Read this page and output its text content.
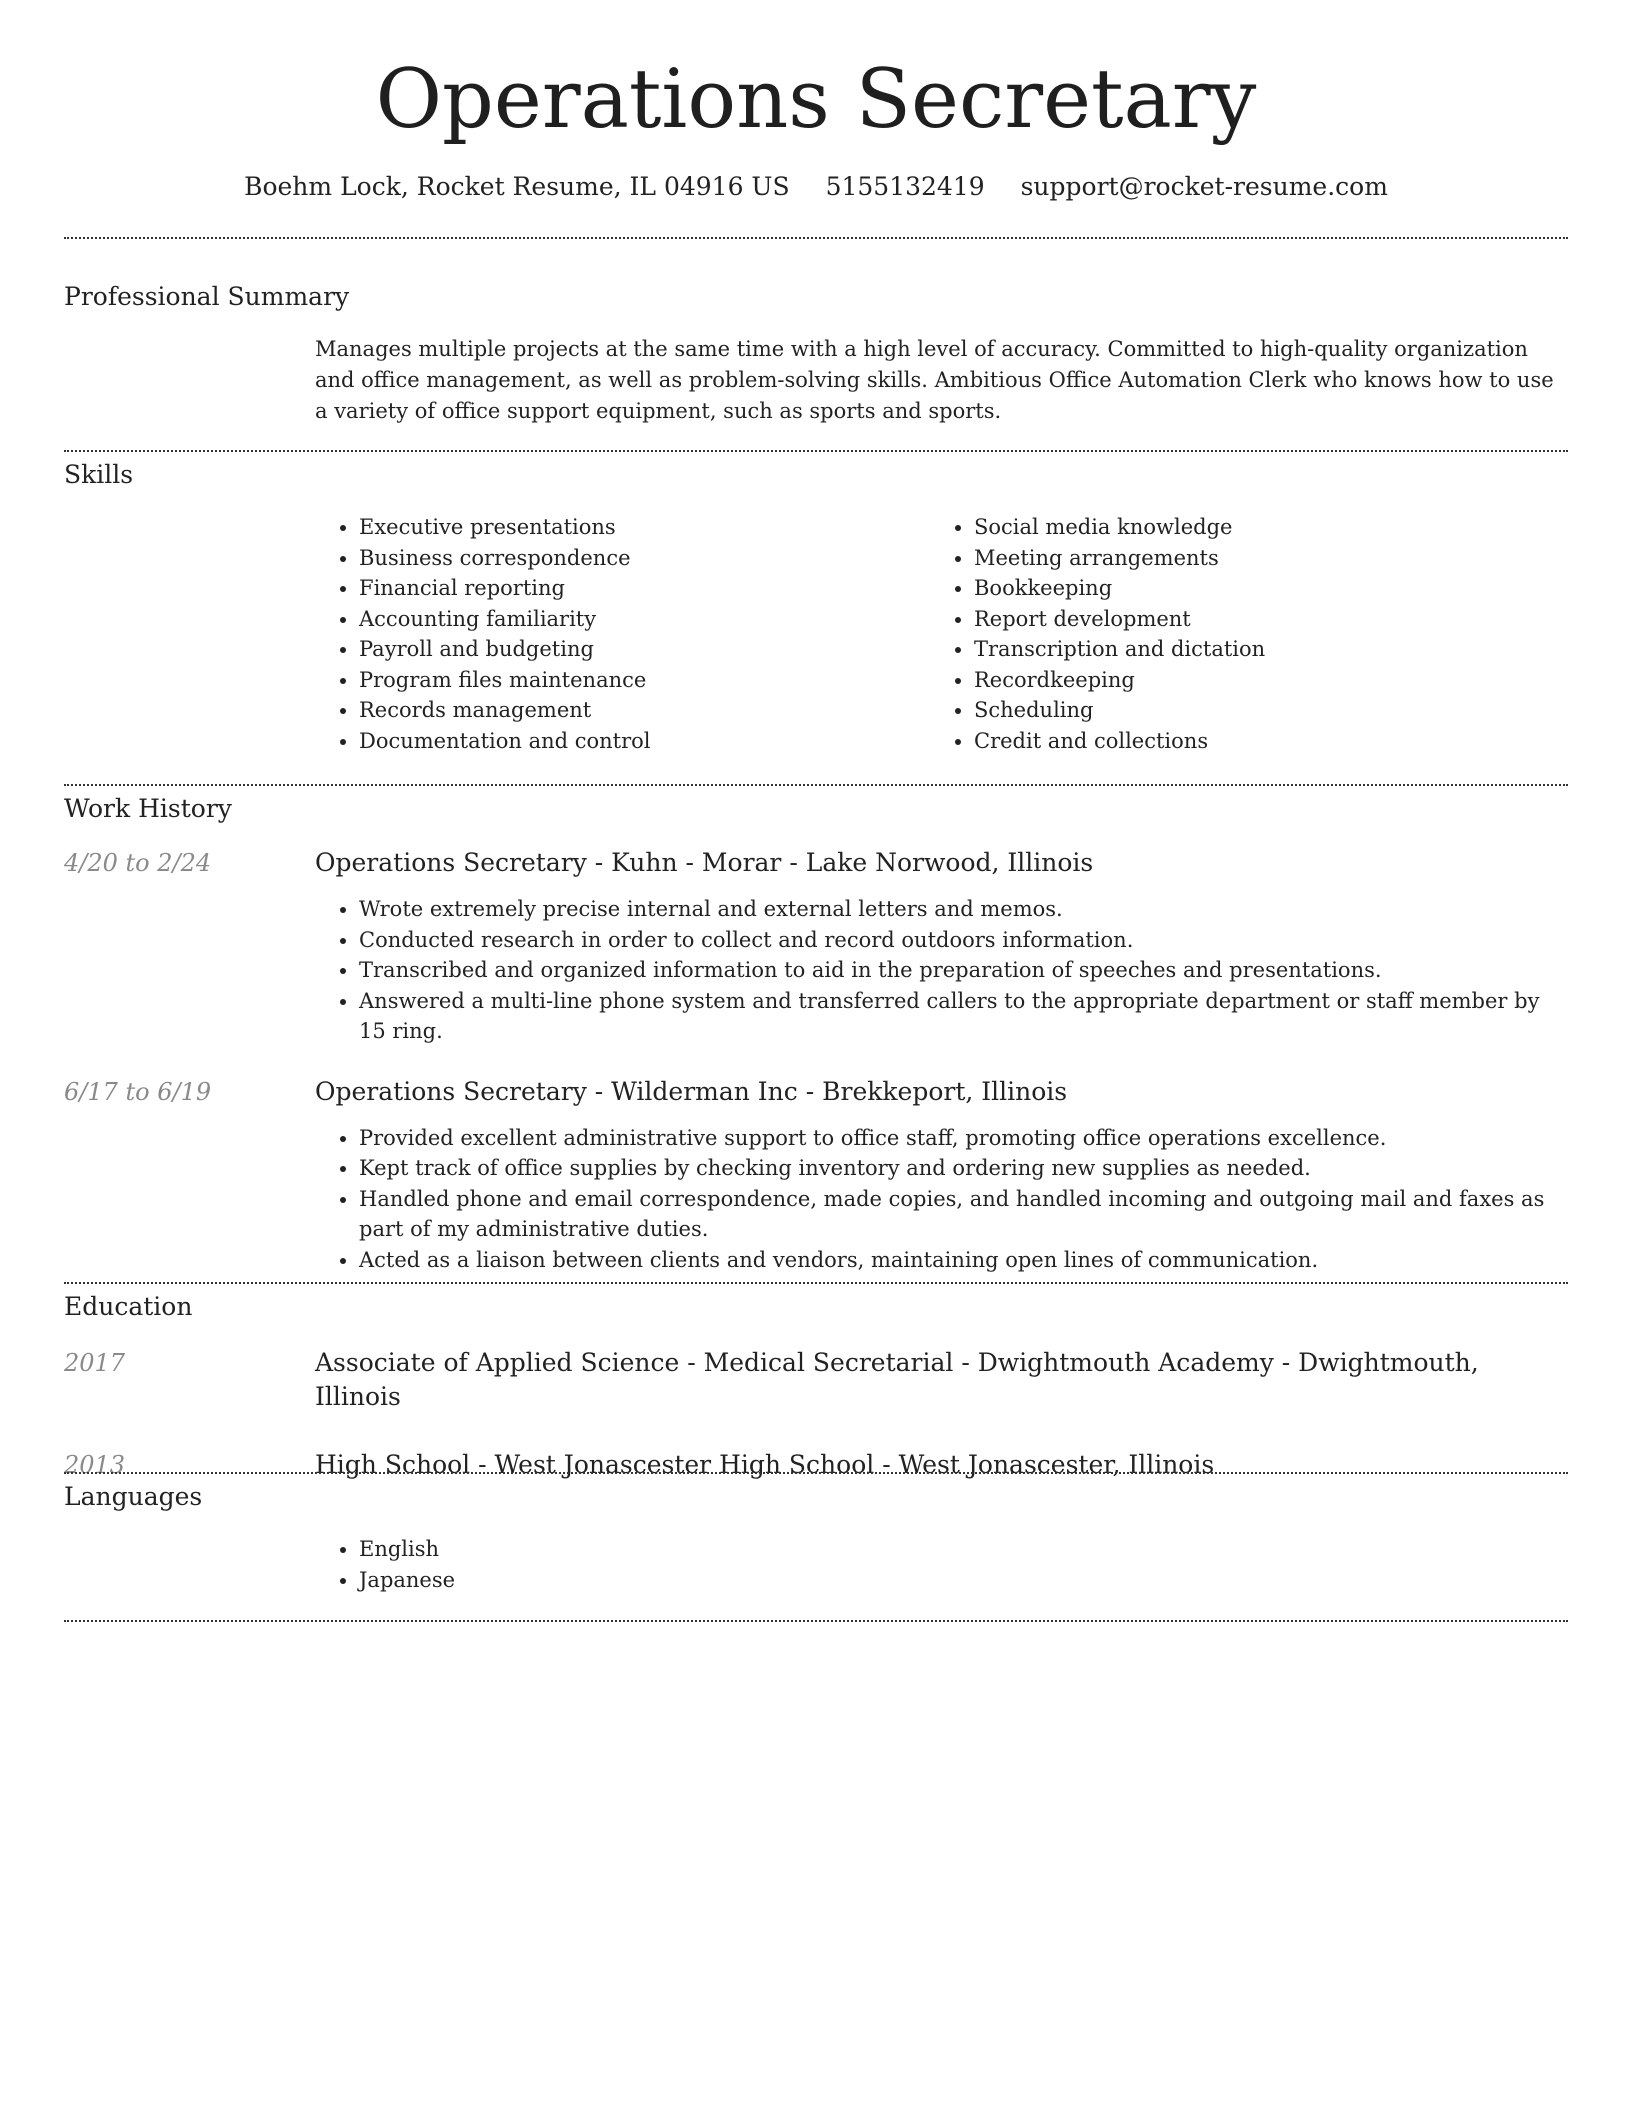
Operations Secretary
Boehm Lock, Rocket Resume, IL 04916 US 5155132419 support@rocket-resume.com
Professional Summary

Manages multiple projects at the same time with a high level of accuracy. Committed to high-quality organization and office management, as well as problem-solving skills. Ambitious Office Automation Clerk who knows how to use a variety of office support equipment, such as sports and sports.

Skills
• Executive presentations
• Business correspondence
• Financial reporting
• Accounting familiarity
• Payroll and budgeting
• Program files maintenance
• Records management
• Documentation and control
• Social media knowledge
• Meeting arrangements
• Bookkeeping
• Report development
• Transcription and dictation
• Recordkeeping
• Scheduling
• Credit and collections
Work History
4/20 to 2/24	Operations Secretary - Kuhn - Morar - Lake Norwood, Illinois
• Wrote extremely precise internal and external letters and memos.
• Conducted research in order to collect and record outdoors information.
• Transcribed and organized information to aid in the preparation of speeches and presentations.
• Answered a multi-line phone system and transferred callers to the appropriate department or staff member by 15 ring.
6/17 to 6/19	Operations Secretary - Wilderman Inc - Brekkeport, Illinois
• Provided excellent administrative support to office staff, promoting office operations excellence.
• Kept track of office supplies by checking inventory and ordering new supplies as needed.
• Handled phone and email correspondence, made copies, and handled incoming and outgoing mail and faxes as part of my administrative duties.
• Acted as a liaison between clients and vendors, maintaining open lines of communication.
Education
2017	Associate of Applied Science - Medical Secretarial - Dwightmouth Academy - Dwightmouth, Illinois
2013	High School - West Jonascester High School - West Jonascester, Illinois
Languages
• English
• Japanese
